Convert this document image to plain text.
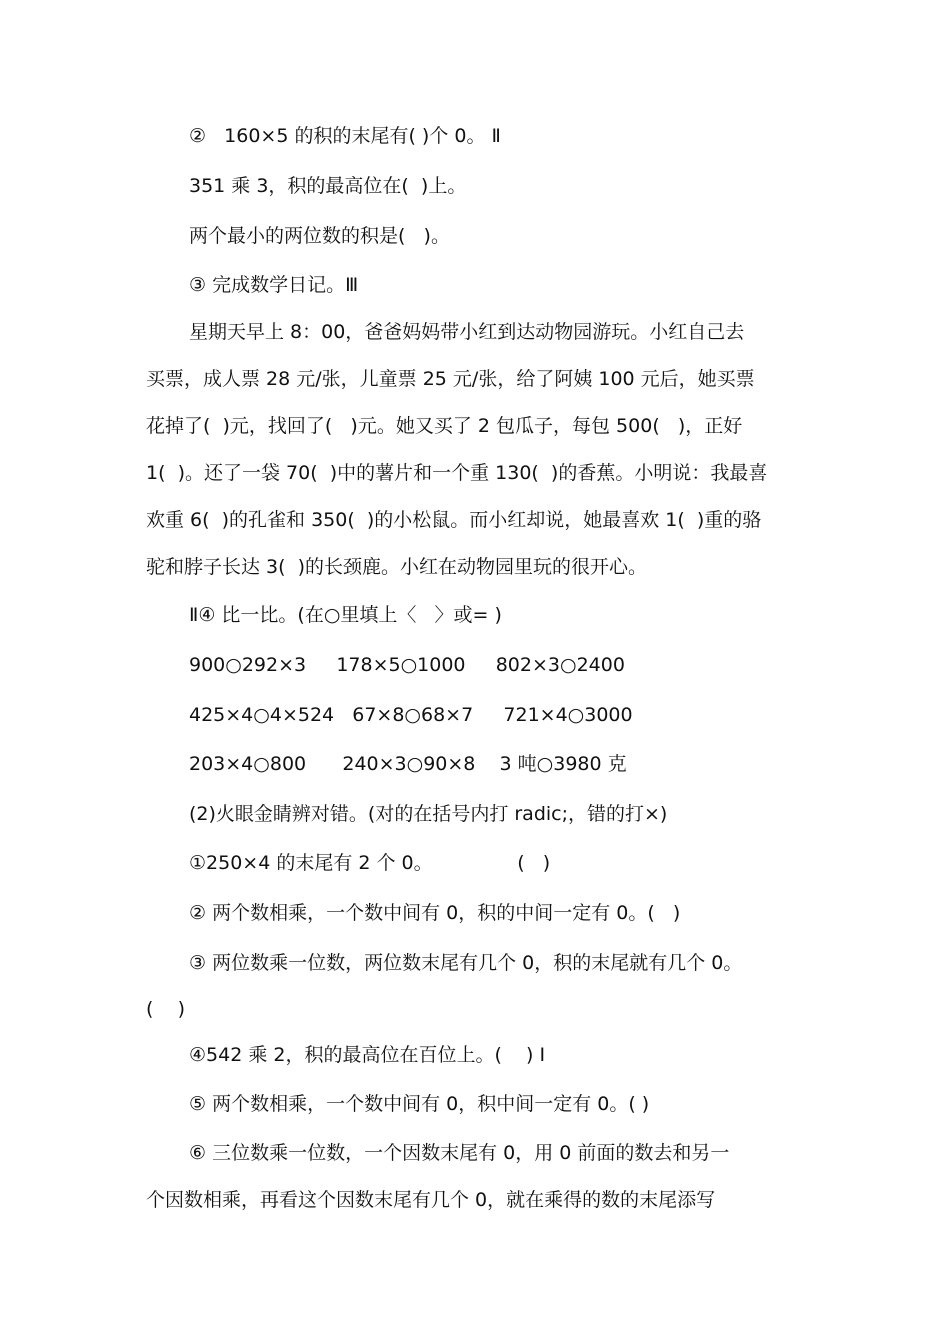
②   160×5 的积的末尾有( )个 0。 Ⅱ
351 乘 3，积的最高位在(  )上。
两个最小的两位数的积是(   )。
③ 完成数学日记。Ⅲ
星期天早上 8：00，爸爸妈妈带小红到达动物园游玩。小红自己去
买票，成人票 28 元/张，儿童票 25 元/张，给了阿姨 100 元后，她买票
花掉了(  )元，找回了(   )元。她又买了 2 包瓜子，每包 500(   )，正好
1(  )。还了一袋 70(  )中的薯片和一个重 130(  )的香蕉。小明说：我最喜
欢重 6(  )的孔雀和 350(  )的小松鼠。而小红却说，她最喜欢 1(  )重的骆
驼和脖子长达 3(  )的长颈鹿。小红在动物园里玩的很开心。
Ⅱ④ 比一比。(在○里填上〈   〉或= )
900○292×3     178×5○1000     802×3○2400
425×4○4×524   67×8○68×7     721×4○3000
203×4○800      240×3○90×8    3 吨○3980 克
(2)火眼金睛辨对错。(对的在括号内打 radic;，错的打×)
①250×4 的末尾有 2 个 0。              (   )
② 两个数相乘，一个数中间有 0，积的中间一定有 0。(   )
③ 两位数乘一位数，两位数末尾有几个 0，积的末尾就有几个 0。
(    )
④542 乘 2，积的最高位在百位上。(    ) Ⅰ
⑤ 两个数相乘，一个数中间有 0，积中间一定有 0。( )
⑥ 三位数乘一位数，一个因数末尾有 0，用 0 前面的数去和另一
个因数相乘，再看这个因数末尾有几个 0，就在乘得的数的末尾添写
